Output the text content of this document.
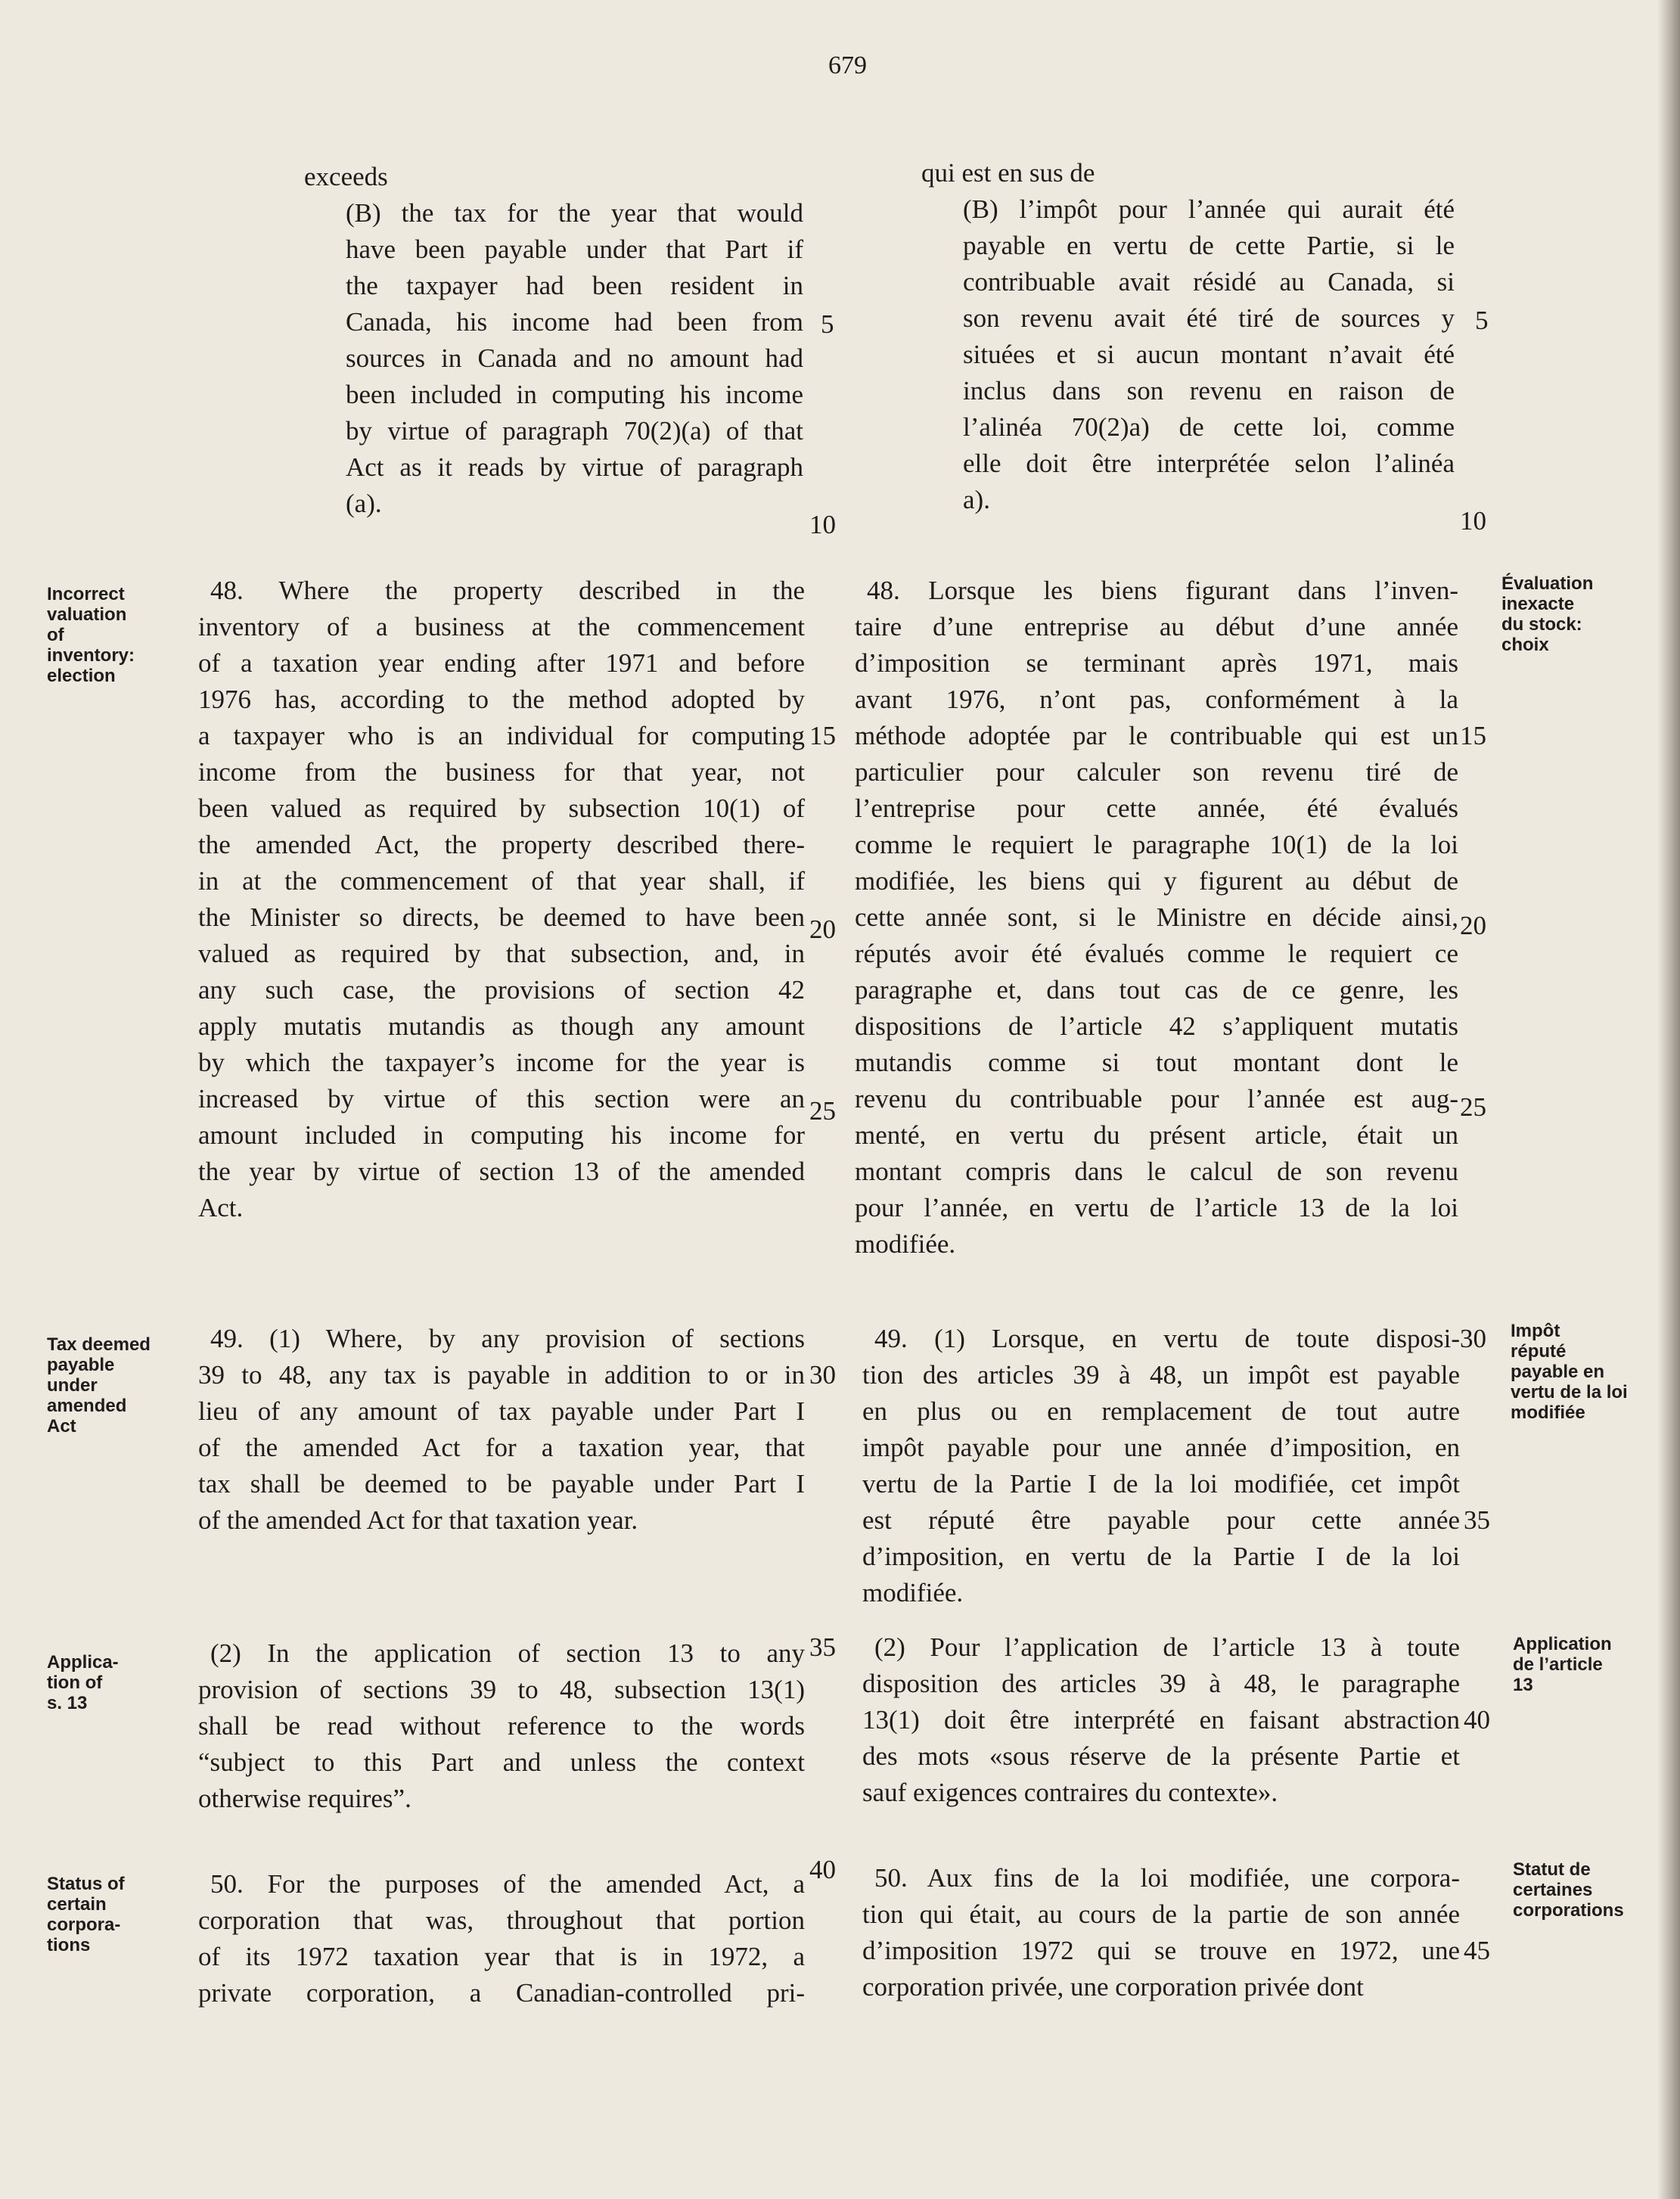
679
exceeds
(B) the tax for the year that would
have been payable under that Part if
the taxpayer had been resident in
Canada, his income had been from
sources in Canada and no amount had
been included in computing his income
by virtue of paragraph 70(2)(a) of that
Act as it reads by virtue of paragraph
(a).
qui est en sus de
(B) l’impôt pour l’année qui aurait été
payable en vertu de cette Partie, si le
contribuable avait résidé au Canada, si
son revenu avait été tiré de sources y
situées et si aucun montant n’avait été
inclus dans son revenu en raison de
l’alinéa 70(2)a) de cette loi, comme
elle doit être interprétée selon l’alinéa
a).
48. Where the property described in the
inventory of a business at the commencement
of a taxation year ending after 1971 and before
1976 has, according to the method adopted by
a taxpayer who is an individual for computing
income from the business for that year, not
been valued as required by subsection 10(1) of
the amended Act, the property described there-
in at the commencement of that year shall, if
the Minister so directs, be deemed to have been
valued as required by that subsection, and, in
any such case, the provisions of section 42
apply mutatis mutandis as though any amount
by which the taxpayer’s income for the year is
increased by virtue of this section were an
amount included in computing his income for
the year by virtue of section 13 of the amended
Act.
48. Lorsque les biens figurant dans l’inven-
taire d’une entreprise au début d’une année
d’imposition se terminant après 1971, mais
avant 1976, n’ont pas, conformément à la
méthode adoptée par le contribuable qui est un
particulier pour calculer son revenu tiré de
l’entreprise pour cette année, été évalués
comme le requiert le paragraphe 10(1) de la loi
modifiée, les biens qui y figurent au début de
cette année sont, si le Ministre en décide ainsi,
réputés avoir été évalués comme le requiert ce
paragraphe et, dans tout cas de ce genre, les
dispositions de l’article 42 s’appliquent mutatis
mutandis comme si tout montant dont le
revenu du contribuable pour l’année est aug-
menté, en vertu du présent article, était un
montant compris dans le calcul de son revenu
pour l’année, en vertu de l’article 13 de la loi
modifiée.
49. (1) Where, by any provision of sections
39 to 48, any tax is payable in addition to or in
lieu of any amount of tax payable under Part I
of the amended Act for a taxation year, that
tax shall be deemed to be payable under Part I
of the amended Act for that taxation year.
49. (1) Lorsque, en vertu de toute disposi-
tion des articles 39 à 48, un impôt est payable
en plus ou en remplacement de tout autre
impôt payable pour une année d’imposition, en
vertu de la Partie I de la loi modifiée, cet impôt
est réputé être payable pour cette année
d’imposition, en vertu de la Partie I de la loi
modifiée.
(2) In the application of section 13 to any
provision of sections 39 to 48, subsection 13(1)
shall be read without reference to the words
“subject to this Part and unless the context
otherwise requires”.
(2) Pour l’application de l’article 13 à toute
disposition des articles 39 à 48, le paragraphe
13(1) doit être interprété en faisant abstraction
des mots «sous réserve de la présente Partie et
sauf exigences contraires du contexte».
50. For the purposes of the amended Act, a
corporation that was, throughout that portion
of its 1972 taxation year that is in 1972, a
private corporation, a Canadian-controlled pri-
50. Aux fins de la loi modifiée, une corpora-
tion qui était, au cours de la partie de son année
d’imposition 1972 qui se trouve en 1972, une
corporation privée, une corporation privée dont
5	5
10	10
15	15
20	20
25	25
30
30
35
35
40
40
45
Incorrect
valuation
of
inventory:
election
Évaluation
inexacte
du stock:
choix
Tax deemed
payable
under
amended
Act
Impôt
réputé
payable en
vertu de la loi
modifiée
Applica-
tion of
s. 13
Application
de l’article
13
Status of
certain
corpora-
tions
Statut de
certaines
corporations
